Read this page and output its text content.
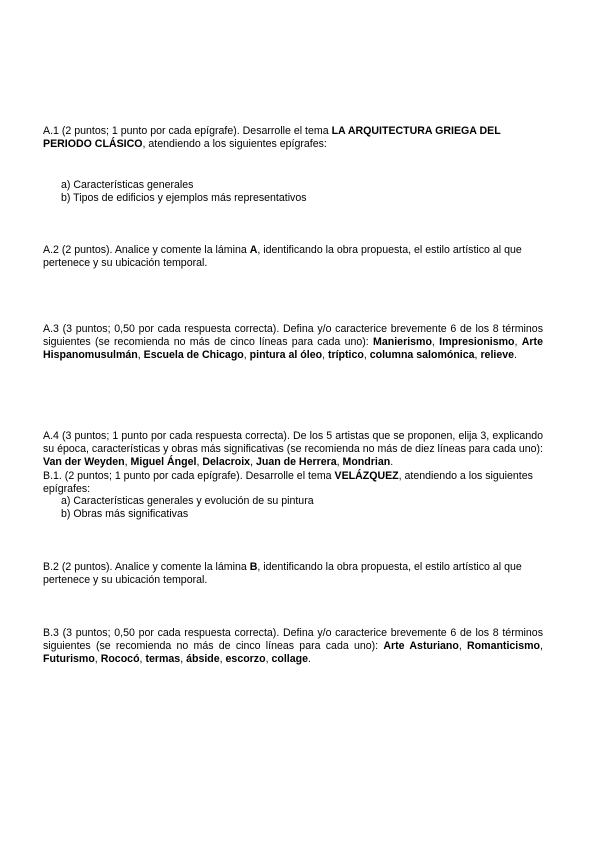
A.1 (2 puntos; 1 punto por cada epígrafe). Desarrolle el tema LA ARQUITECTURA GRIEGA DEL PERIODO CLÁSICO, atendiendo a los siguientes epígrafes:

a) Características generales
b) Tipos de edificios y ejemplos más representativos

A.2 (2 puntos). Analice y comente la lámina A, identificando la obra propuesta, el estilo artístico al que pertenece y su ubicación temporal.

A.3 (3 puntos; 0,50 por cada respuesta correcta). Defina y/o caracterice brevemente 6 de los 8 términos siguientes (se recomienda no más de cinco líneas para cada uno): Manierismo, Impresionismo, Arte Hispanomusulmán, Escuela de Chicago, pintura al óleo, tríptico, columna salomónica, relieve.

A.4 (3 puntos; 1 punto por cada respuesta correcta). De los 5 artistas que se proponen, elija 3, explicando su época, características y obras más significativas (se recomienda no más de diez líneas para cada uno): Van der Weyden, Miguel Ángel, Delacroix, Juan de Herrera, Mondrian.
B.1. (2 puntos; 1 punto por cada epígrafe). Desarrolle el tema VELÁZQUEZ, atendiendo a los siguientes epígrafes:
a) Características generales y evolución de su pintura
b) Obras más significativas

B.2 (2 puntos). Analice y comente la lámina B, identificando la obra propuesta, el estilo artístico al que pertenece y su ubicación temporal.

B.3 (3 puntos; 0,50 por cada respuesta correcta). Defina y/o caracterice brevemente 6 de los 8 términos siguientes (se recomienda no más de cinco líneas para cada uno): Arte Asturiano, Romanticismo, Futurismo, Rococó, termas, ábside, escorzo, collage.
